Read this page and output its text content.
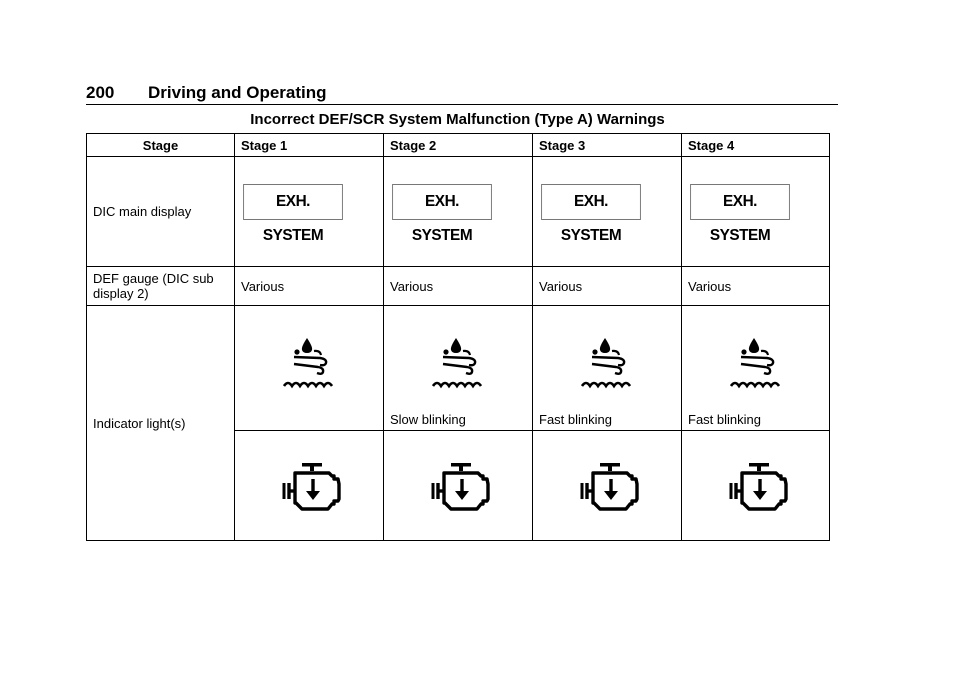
200 Driving and Operating
Incorrect DEF/SCR System Malfunction (Type A) Warnings
Stage	Stage 1	Stage 2	Stage 3	Stage 4
DIC main display	EXH. SYSTEM	EXH. SYSTEM	EXH. SYSTEM	EXH. SYSTEM
DEF gauge (DIC sub display 2)	Various	Various	Various	Various
Indicator light(s)		Slow blinking	Fast blinking	Fast blinking
